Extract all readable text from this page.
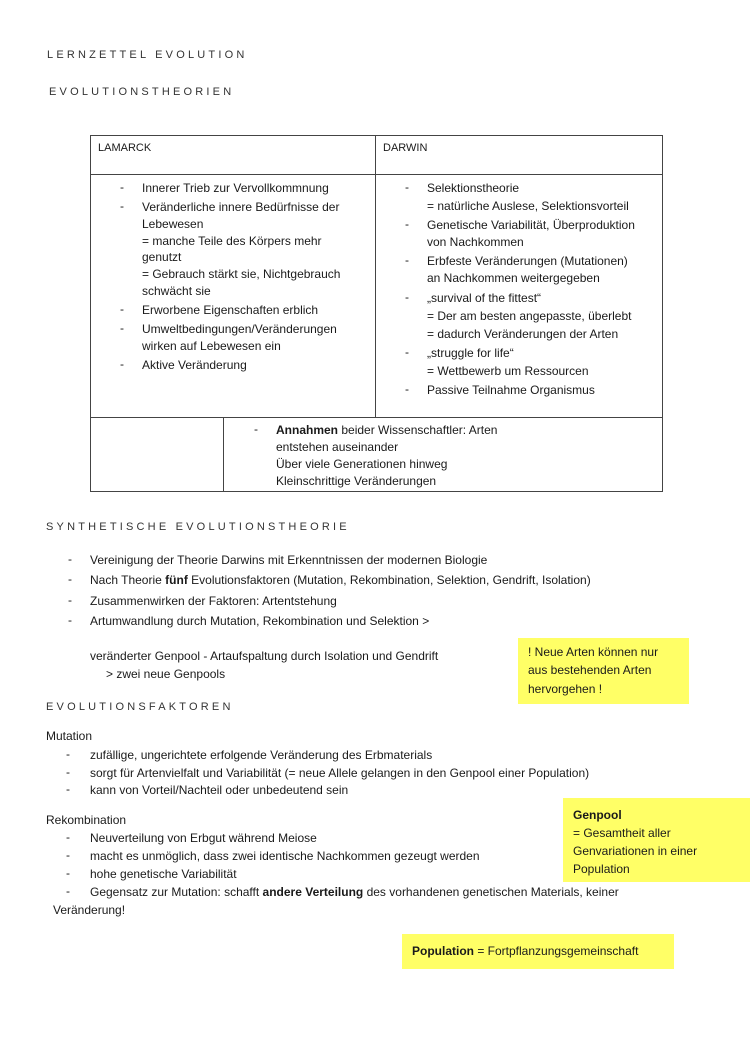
LERNZETTEL EVOLUTION
EVOLUTIONSTHEORIEN
LAMARCK	DARWIN
- Innerer Trieb zur Vervollkommnung
- Veränderliche innere Bedürfnisse der
Lebewesen
= manche Teile des Körpers mehr
genutzt
= Gebrauch stärkt sie, Nichtgebrauch
schwächt sie
- Erworbene Eigenschaften erblich
- Umweltbedingungen/Veränderungen
wirken auf Lebewesen ein
- Aktive Veränderung
- Selektionstheorie
= natürliche Auslese, Selektionsvorteil
- Genetische Variabilität, Überproduktion
von Nachkommen
- Erbfeste Veränderungen (Mutationen)
an Nachkommen weitergegeben
- „survival of the fittest“
= Der am besten angepasste, überlebt
= dadurch Veränderungen der Arten
- „struggle for life“
= Wettbewerb um Ressourcen
- Passive Teilnahme Organismus
- Annahmen beider Wissenschaftler: Arten
entstehen auseinander
Über viele Generationen hinweg
Kleinschrittige Veränderungen
SYNTHETISCHE EVOLUTIONSTHEORIE
- Vereinigung der Theorie Darwins mit Erkenntnissen der modernen Biologie
- Nach Theorie fünf Evolutionsfaktoren (Mutation, Rekombination, Selektion, Gendrift, Isolation)
- Zusammenwirken der Faktoren: Artentstehung
- Artumwandlung durch Mutation, Rekombination und Selektion >
veränderter Genpool - Artaufspaltung durch Isolation und Gendrift
> zwei neue Genpools
! Neue Arten können nur
aus bestehenden Arten
hervorgehen !
EVOLUTIONSFAKTOREN
Mutation
- zufällige, ungerichtete erfolgende Veränderung des Erbmaterials
- sorgt für Artenvielfalt und Variabilität (= neue Allele gelangen in den Genpool einer Population)
- kann von Vorteil/Nachteil oder unbedeutend sein
Rekombination
- Neuverteilung von Erbgut während Meiose
- macht es unmöglich, dass zwei identische Nachkommen gezeugt werden
- hohe genetische Variabilität
- Gegensatz zur Mutation: schafft andere Verteilung des vorhandenen genetischen Materials, keiner
Veränderung!
Genpool
= Gesamtheit aller
Genvariationen in einer
Population
Population = Fortpflanzungsgemeinschaft
